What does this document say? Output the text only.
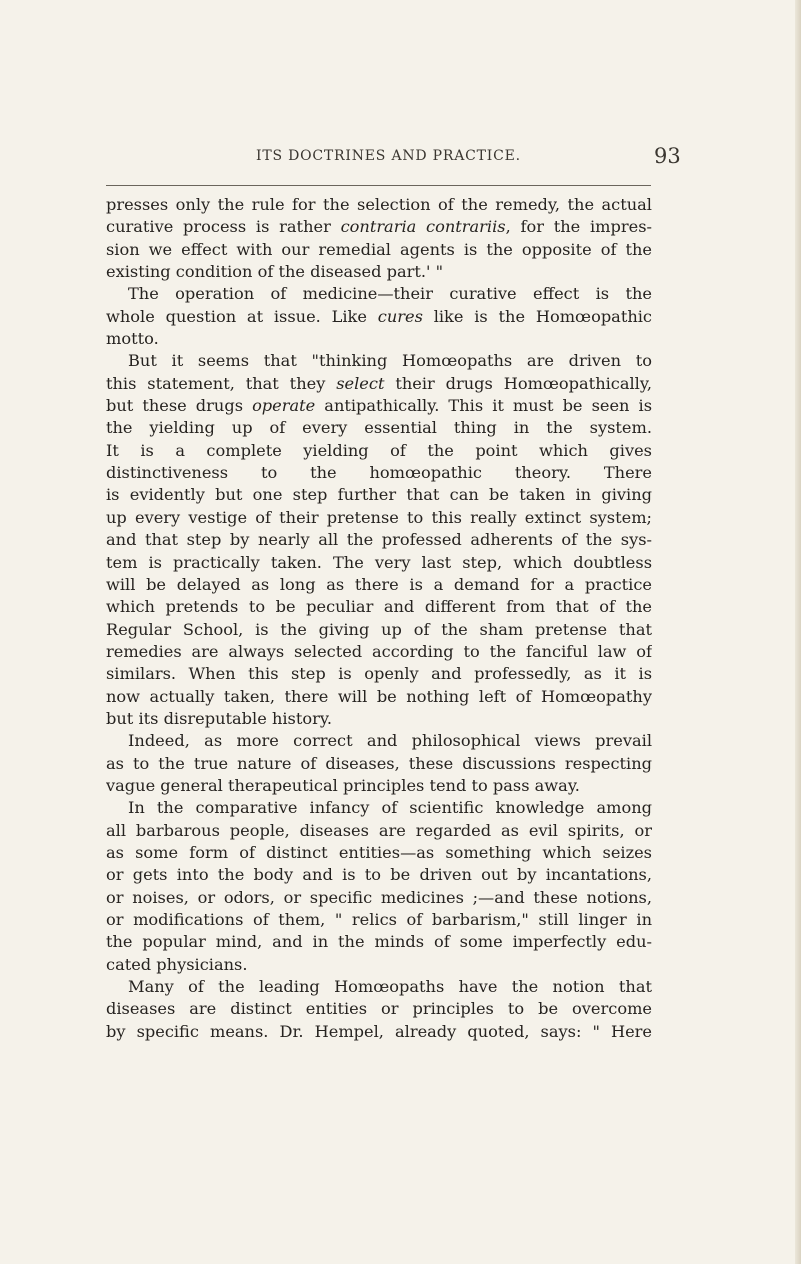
ITS DOCTRINES AND PRACTICE.	93
presses only the rule for the selection of the remedy, the actual
curative process is rather contraria contrariis, for the impres-
sion we effect with our remedial agents is the opposite of the
existing condition of the diseased part.' "
The operation of medicine—their curative effect is the
whole question at issue. Like cures like is the Homœopathic
motto.
But it seems that "thinking Homœopaths are driven to
this statement, that they select their drugs Homœopathically,
but these drugs operate antipathically. This it must be seen is
the yielding up of every essential thing in the system.
It is a complete yielding of the point which gives
distinctiveness to the homœopathic theory. There
is evidently but one step further that can be taken in giving
up every vestige of their pretense to this really extinct system;
and that step by nearly all the professed adherents of the sys-
tem is practically taken. The very last step, which doubtless
will be delayed as long as there is a demand for a practice
which pretends to be peculiar and different from that of the
Regular School, is the giving up of the sham pretense that
remedies are always selected according to the fanciful law of
similars. When this step is openly and professedly, as it is
now actually taken, there will be nothing left of Homœopathy
but its disreputable history.
Indeed, as more correct and philosophical views prevail
as to the true nature of diseases, these discussions respecting
vague general therapeutical principles tend to pass away.
In the comparative infancy of scientific knowledge among
all barbarous people, diseases are regarded as evil spirits, or
as some form of distinct entities—as something which seizes
or gets into the body and is to be driven out by incantations,
or noises, or odors, or specific medicines ;—and these notions,
or modifications of them, " relics of barbarism," still linger in
the popular mind, and in the minds of some imperfectly edu-
cated physicians.
Many of the leading Homœopaths have the notion that
diseases are distinct entities or principles to be overcome
by specific means. Dr. Hempel, already quoted, says: " Here
